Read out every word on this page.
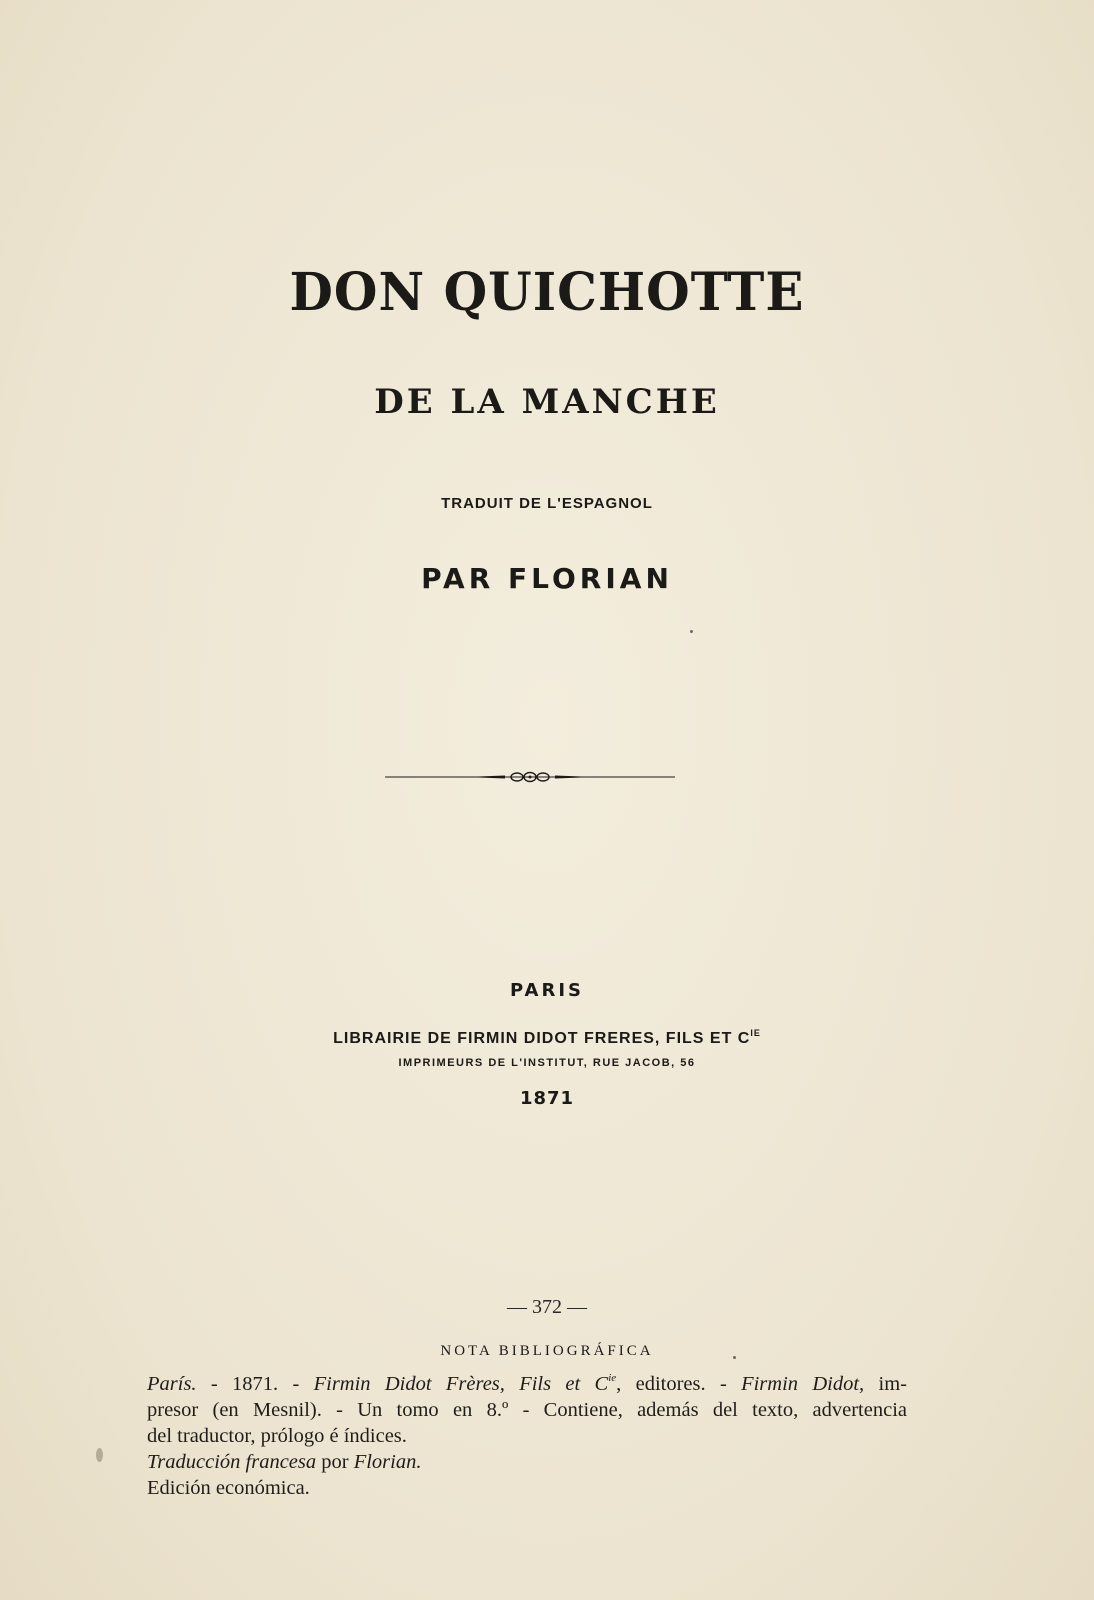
DON QUICHOTTE
DE LA MANCHE
TRADUIT DE L'ESPAGNOL
PAR FLORIAN
PARIS
LIBRAIRIE DE FIRMIN DIDOT FRERES, FILS ET $C^{IE}$
IMPRIMEURS DE L'INSTITUT, RUE JACOB, 56
1871
— 372 —
NOTA BIBLIOGRÁFICA

París. - 1871. - Firmin Didot Frères, Fils et $C^{ie}$, editores. - Firmin Didot, im-

presor (en Mesnil). - Un tomo en 8.º - Contiene, además del texto, advertencia

del traductor, prólogo é índices.

Traducción francesa por Florian.

Edición económica.
